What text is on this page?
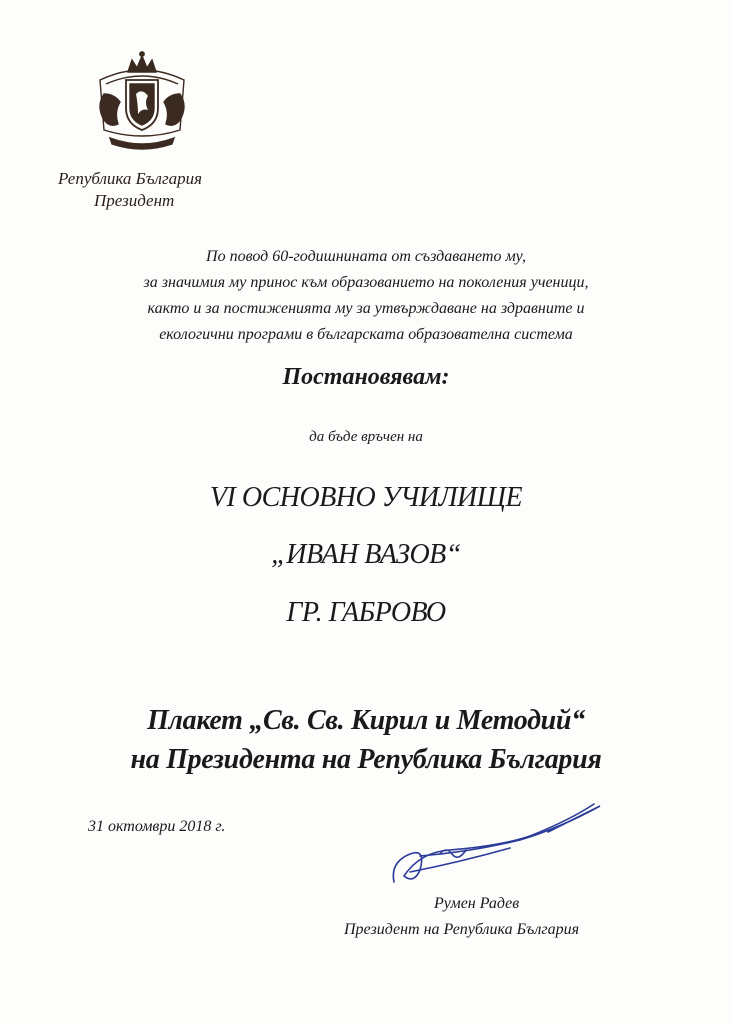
Република България
Президент
По повод 60-годишнината от създаването му,
за значимия му принос към образованието на поколения ученици,
както и за постиженията му за утвърждаване на здравните и
екологични програми в българската образователна система
Постановявам:
да бъде връчен на
VI ОСНОВНО УЧИЛИЩЕ
„ИВАН ВАЗОВ“
ГР. ГАБРОВО
Плакет „Св. Св. Кирил и Методий“
на Президента на Република България
31 октомври 2018 г.
Румен Радев
Президент на Република България
